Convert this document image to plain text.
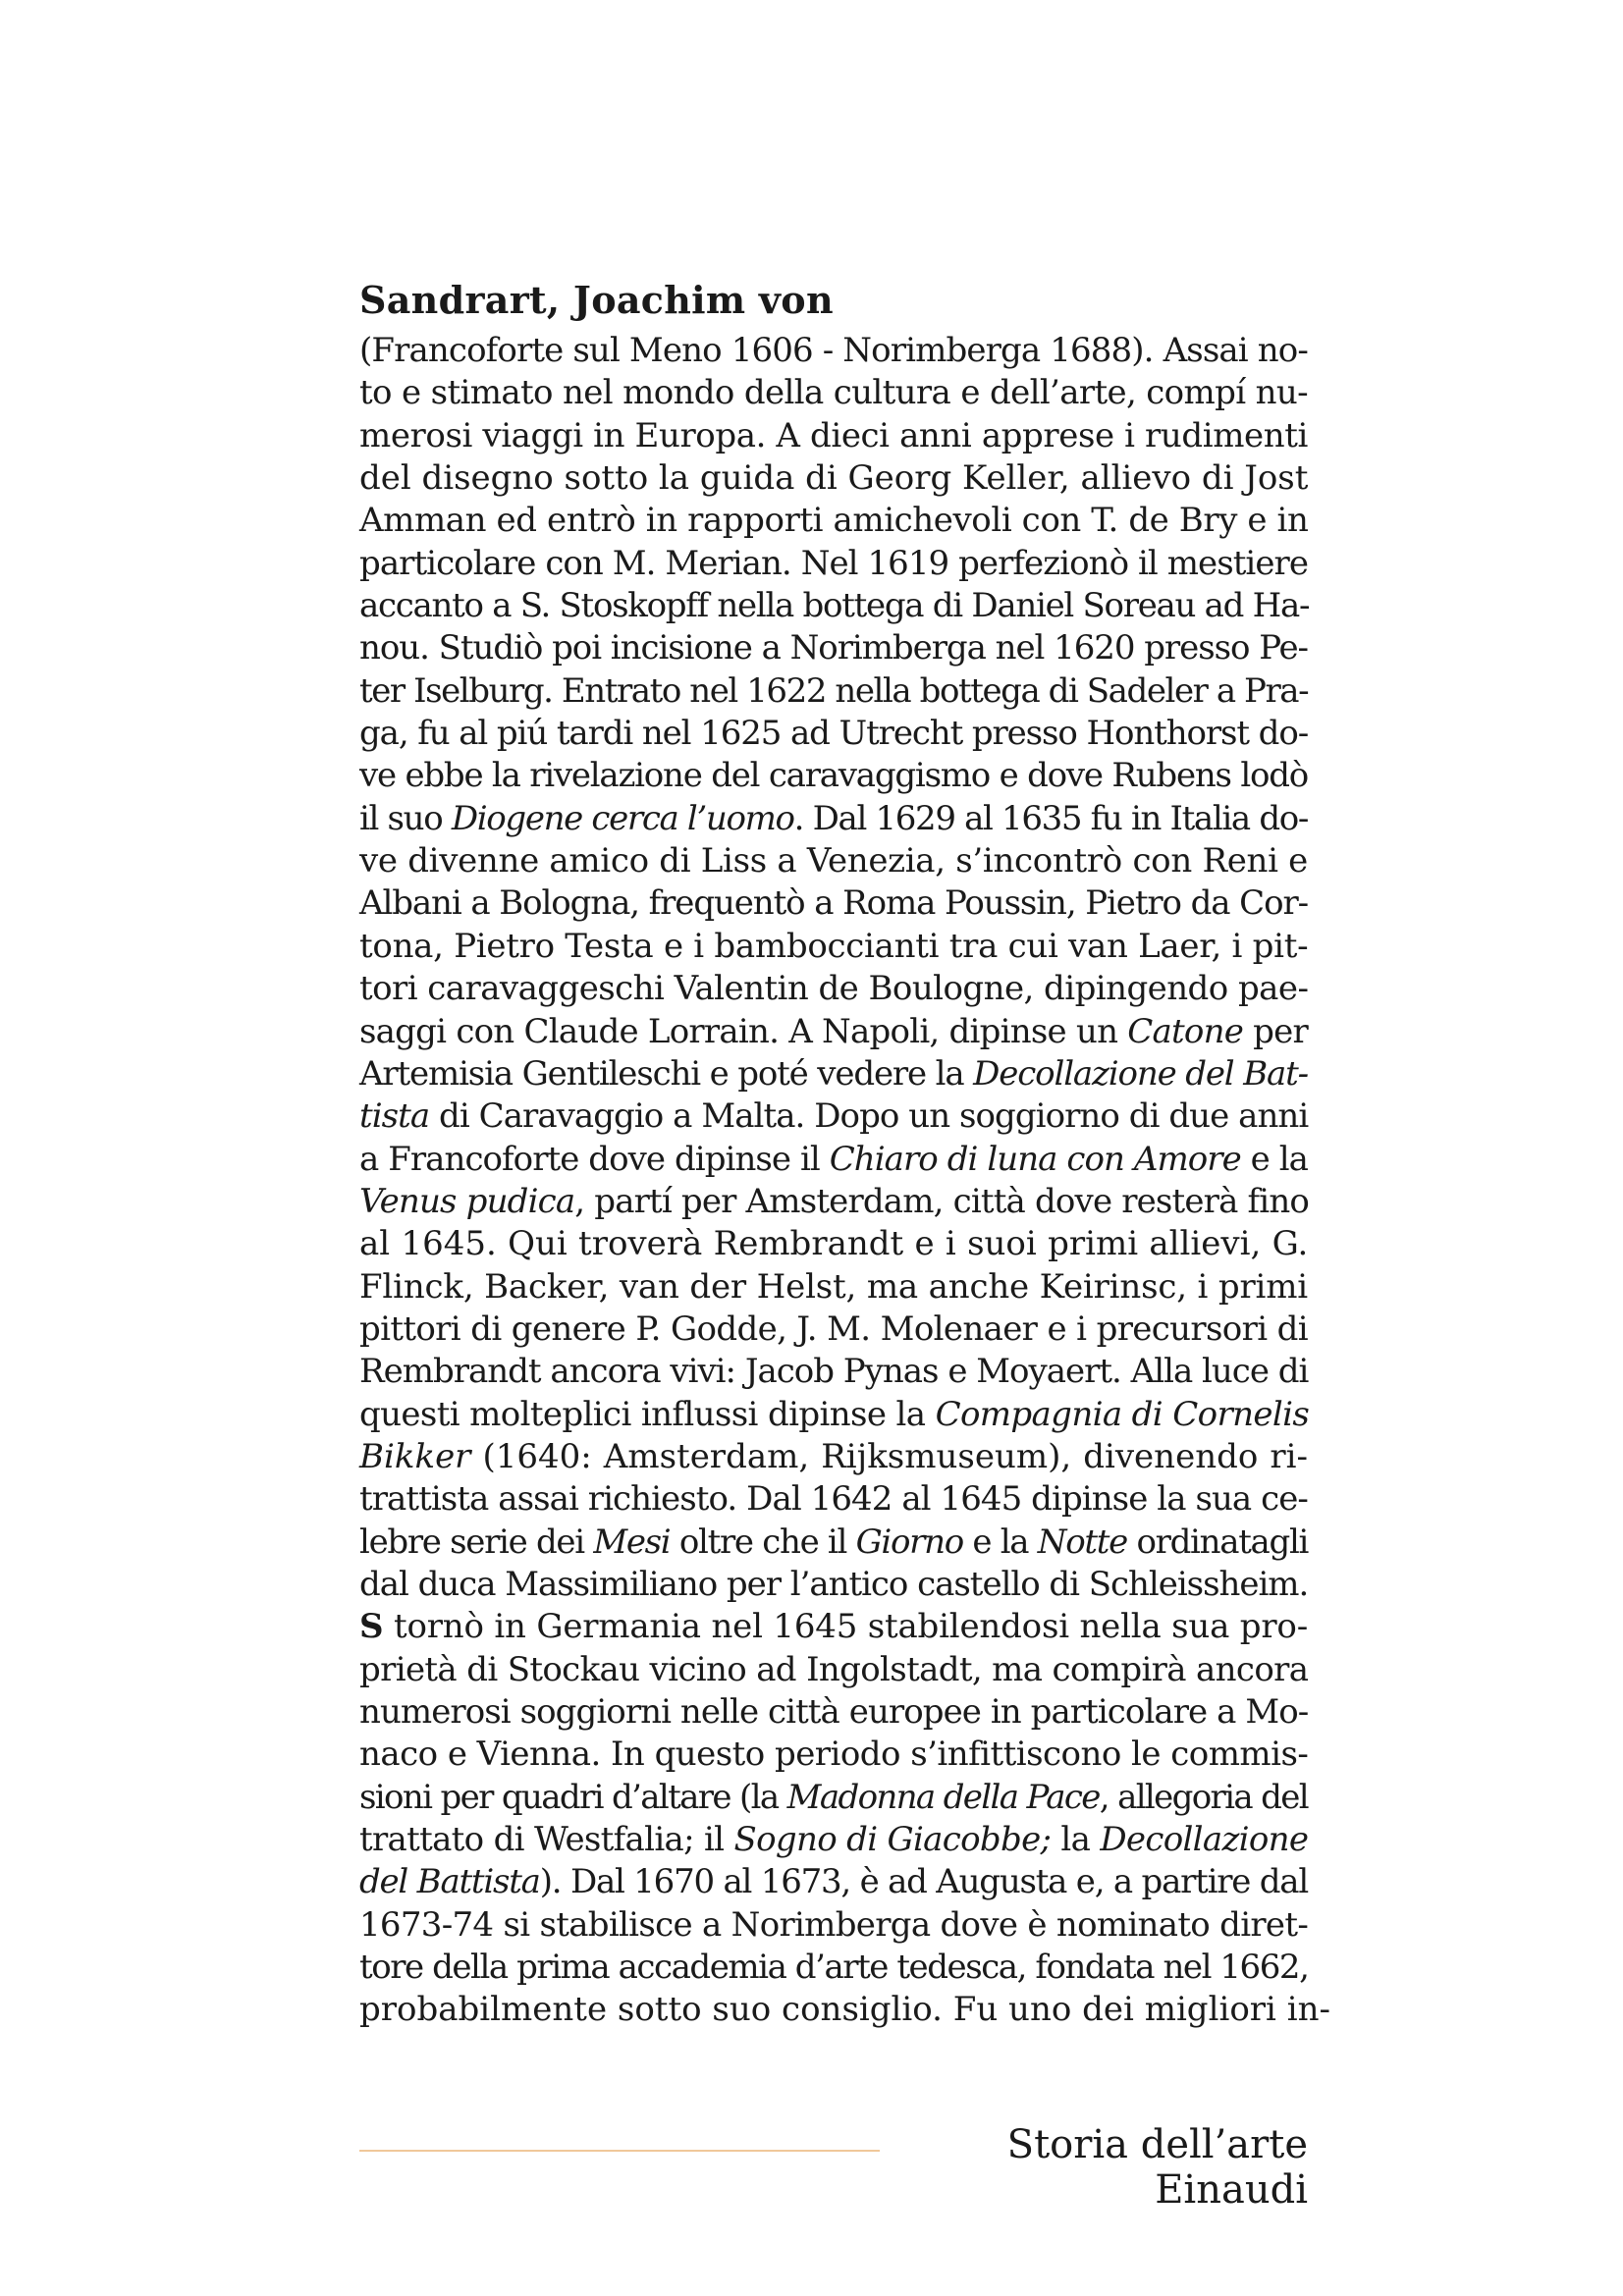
Sandrart, Joachim von
(Francoforte sul Meno 1606 - Norimberga 1688). Assai no-
to e stimato nel mondo della cultura e dell’arte, compí nu-
merosi viaggi in Europa. A dieci anni apprese i rudimenti
del disegno sotto la guida di Georg Keller, allievo di Jost
Amman ed entrò in rapporti amichevoli con T. de Bry e in
particolare con M. Merian. Nel 1619 perfezionò il mestiere
accanto a S. Stoskopff nella bottega di Daniel Soreau ad Ha-
nou. Studiò poi incisione a Norimberga nel 1620 presso Pe-
ter Iselburg. Entrato nel 1622 nella bottega di Sadeler a Pra-
ga, fu al piú tardi nel 1625 ad Utrecht presso Honthorst do-
ve ebbe la rivelazione del caravaggismo e dove Rubens lodò
il suo Diogene cerca l’uomo. Dal 1629 al 1635 fu in Italia do-
ve divenne amico di Liss a Venezia, s’incontrò con Reni e
Albani a Bologna, frequentò a Roma Poussin, Pietro da Cor-
tona, Pietro Testa e i bamboccianti tra cui van Laer, i pit-
tori caravaggeschi Valentin de Boulogne, dipingendo pae-
saggi con Claude Lorrain. A Napoli, dipinse un Catone per
Artemisia Gentileschi e poté vedere la Decollazione del Bat-
tista di Caravaggio a Malta. Dopo un soggiorno di due anni
a Francoforte dove dipinse il Chiaro di luna con Amore e la
Venus pudica, partí per Amsterdam, città dove resterà fino
al 1645. Qui troverà Rembrandt e i suoi primi allievi, G.
Flinck, Backer, van der Helst, ma anche Keirinsc, i primi
pittori di genere P. Godde, J. M. Molenaer e i precursori di
Rembrandt ancora vivi: Jacob Pynas e Moyaert. Alla luce di
questi molteplici influssi dipinse la Compagnia di Cornelis
Bikker (1640: Amsterdam, Rijksmuseum), divenendo ri-
trattista assai richiesto. Dal 1642 al 1645 dipinse la sua ce-
lebre serie dei Mesi oltre che il Giorno e la Notte ordinatagli
dal duca Massimiliano per l’antico castello di Schleissheim.
S tornò in Germania nel 1645 stabilendosi nella sua pro-
prietà di Stockau vicino ad Ingolstadt, ma compirà ancora
numerosi soggiorni nelle città europee in particolare a Mo-
naco e Vienna. In questo periodo s’infittiscono le commis-
sioni per quadri d’altare (la Madonna della Pace, allegoria del
trattato di Westfalia; il Sogno di Giacobbe; la Decollazione
del Battista). Dal 1670 al 1673, è ad Augusta e, a partire dal
1673-74 si stabilisce a Norimberga dove è nominato diret-
tore della prima accademia d’arte tedesca, fondata nel 1662,
probabilmente sotto suo consiglio. Fu uno dei migliori in-
Storia dell’arte Einaudi
